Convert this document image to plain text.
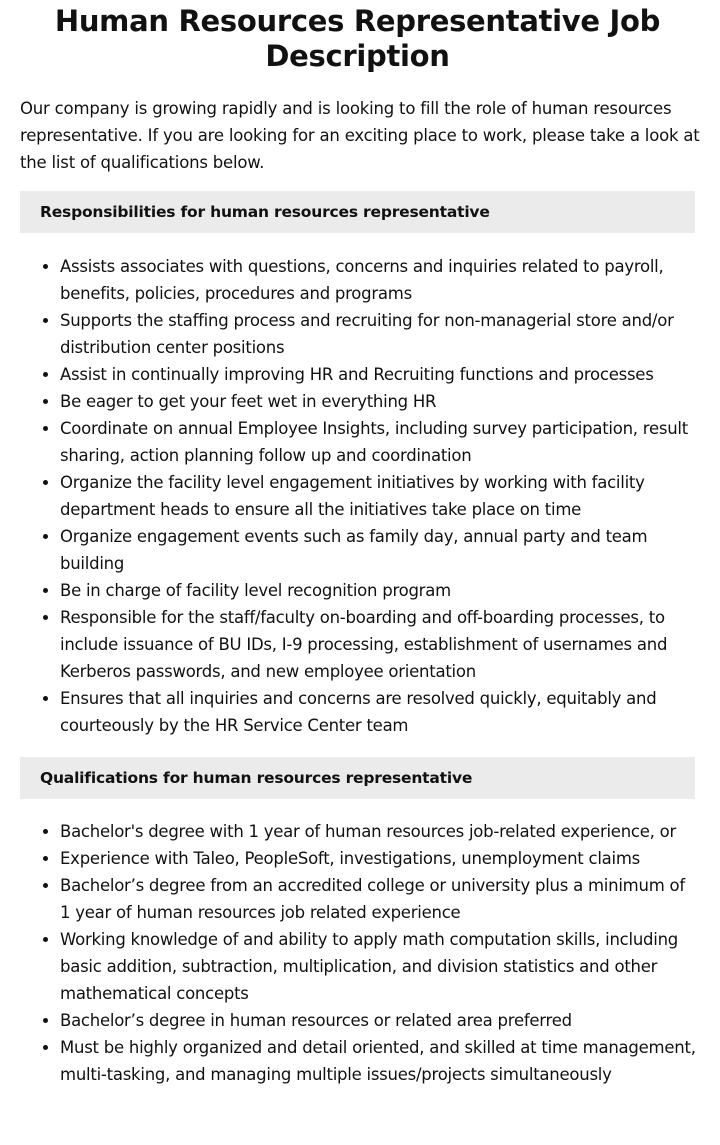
Human Resources Representative Job Description

Our company is growing rapidly and is looking to fill the role of human resources representative. If you are looking for an exciting place to work, please take a look at the list of qualifications below.

Responsibilities for human resources representative
• Assists associates with questions, concerns and inquiries related to payroll, benefits, policies, procedures and programs
• Supports the staffing process and recruiting for non-managerial store and/or distribution center positions
• Assist in continually improving HR and Recruiting functions and processes
• Be eager to get your feet wet in everything HR
• Coordinate on annual Employee Insights, including survey participation, result sharing, action planning follow up and coordination
• Organize the facility level engagement initiatives by working with facility department heads to ensure all the initiatives take place on time
• Organize engagement events such as family day, annual party and team building
• Be in charge of facility level recognition program
• Responsible for the staff/faculty on-boarding and off-boarding processes, to include issuance of BU IDs, I-9 processing, establishment of usernames and Kerberos passwords, and new employee orientation
• Ensures that all inquiries and concerns are resolved quickly, equitably and courteously by the HR Service Center team
Qualifications for human resources representative
• Bachelor's degree with 1 year of human resources job-related experience, or
• Experience with Taleo, PeopleSoft, investigations, unemployment claims
• Bachelor’s degree from an accredited college or university plus a minimum of 1 year of human resources job related experience
• Working knowledge of and ability to apply math computation skills, including basic addition, subtraction, multiplication, and division statistics and other mathematical concepts
• Bachelor’s degree in human resources or related area preferred
• Must be highly organized and detail oriented, and skilled at time management, multi-tasking, and managing multiple issues/projects simultaneously
